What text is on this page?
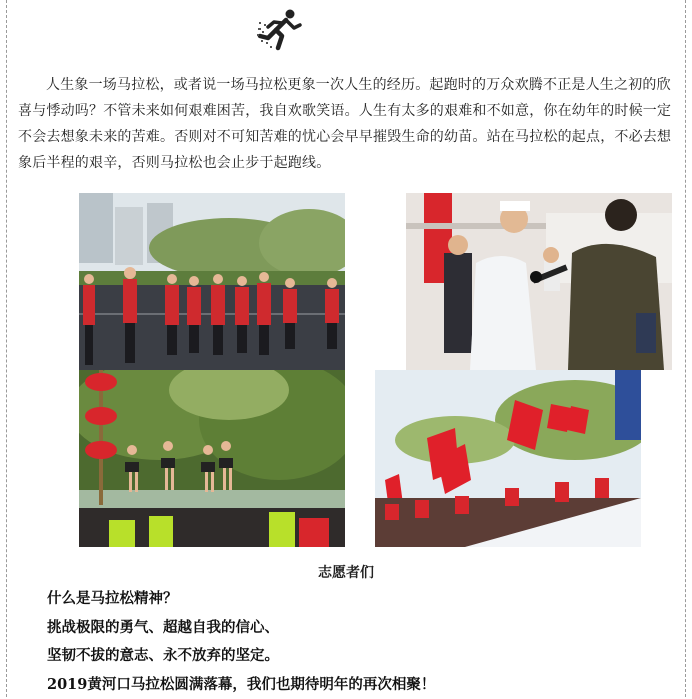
人生象一场马拉松，或者说一场马拉松更象一次人生的经历。起跑时的万众欢腾不正是人生之初的欣喜与悸动吗？不管未来如何艰难困苦，我自欢歌笑语。人生有太多的艰难和不如意，你在幼年的时候一定不会去想象未来的苦难。否则对不可知苦难的忧心会早早摧毁生命的幼苗。站在马拉松的起点，不必去想象后半程的艰辛，否则马拉松也会止步于起跑线。

志愿者们
什么是马拉松精神？
挑战极限的勇气、超越自我的信心、
坚韧不拔的意志、永不放弃的坚定。
2019黄河口马拉松圆满落幕，我们也期待明年的再次相聚！
